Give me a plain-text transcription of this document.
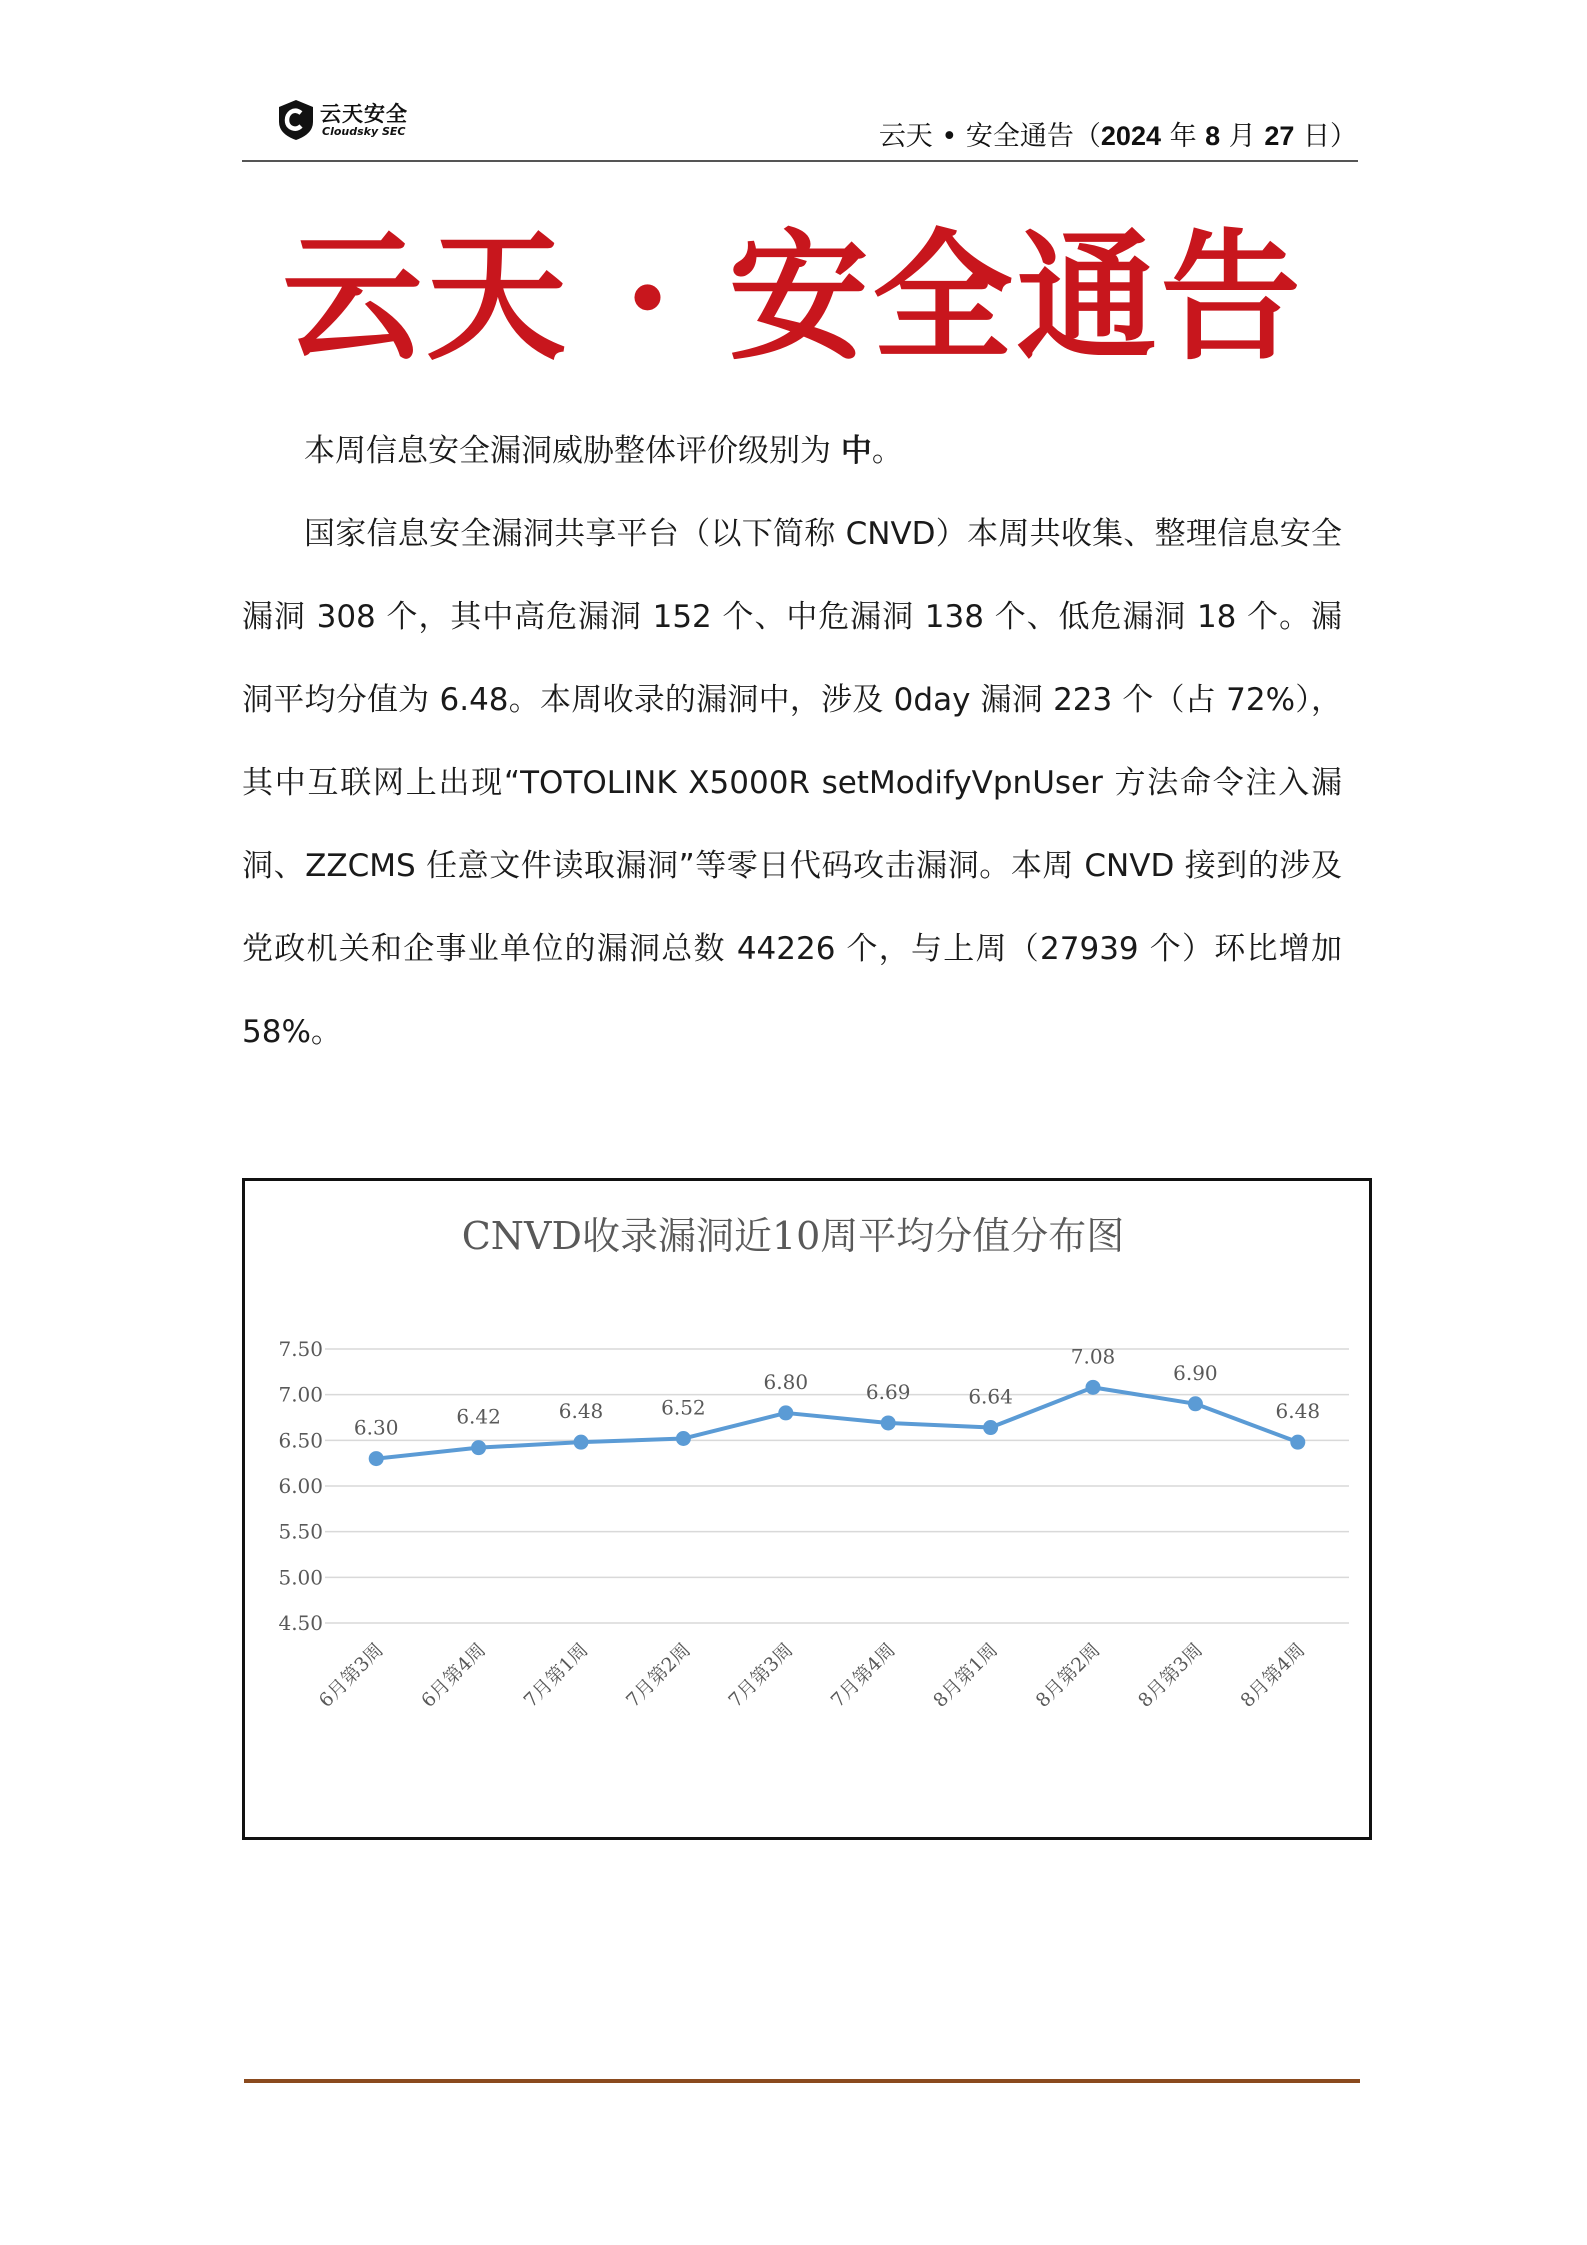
云天安全
Cloudsky SEC	云天 • 安全通告（2024 年 8 月 27 日）
云天 · 安全通告

本周信息安全漏洞威胁整体评价级别为 中。

国家信息安全漏洞共享平台（以下简称 CNVD）本周共收集、整理信息安全漏洞 308 个，其中高危漏洞 152 个、中危漏洞 138 个、低危漏洞 18 个。漏洞平均分值为 6.48。本周收录的漏洞中，涉及 0day 漏洞 223 个（占 72%），其中互联网上出现“TOTOLINK X5000R setModifyVpnUser 方法命令注入漏洞、ZZCMS 任意文件读取漏洞”等零日代码攻击漏洞。本周 CNVD 接到的涉及党政机关和企事业单位的漏洞总数 44226 个，与上周（27939 个）环比增加 58%。

CNVD收录漏洞近10周平均分值分布图
4.50
5.00
5.50
6.00
6.50
7.00
7.50
6月第3周 6月第4周 7月第1周 7月第2周 7月第3周 7月第4周 8月第1周 8月第2周 8月第3周 8月第4周
6.30	6.42	6.48	6.52
6.80	6.69	6.64
7.08
6.90
6.48
